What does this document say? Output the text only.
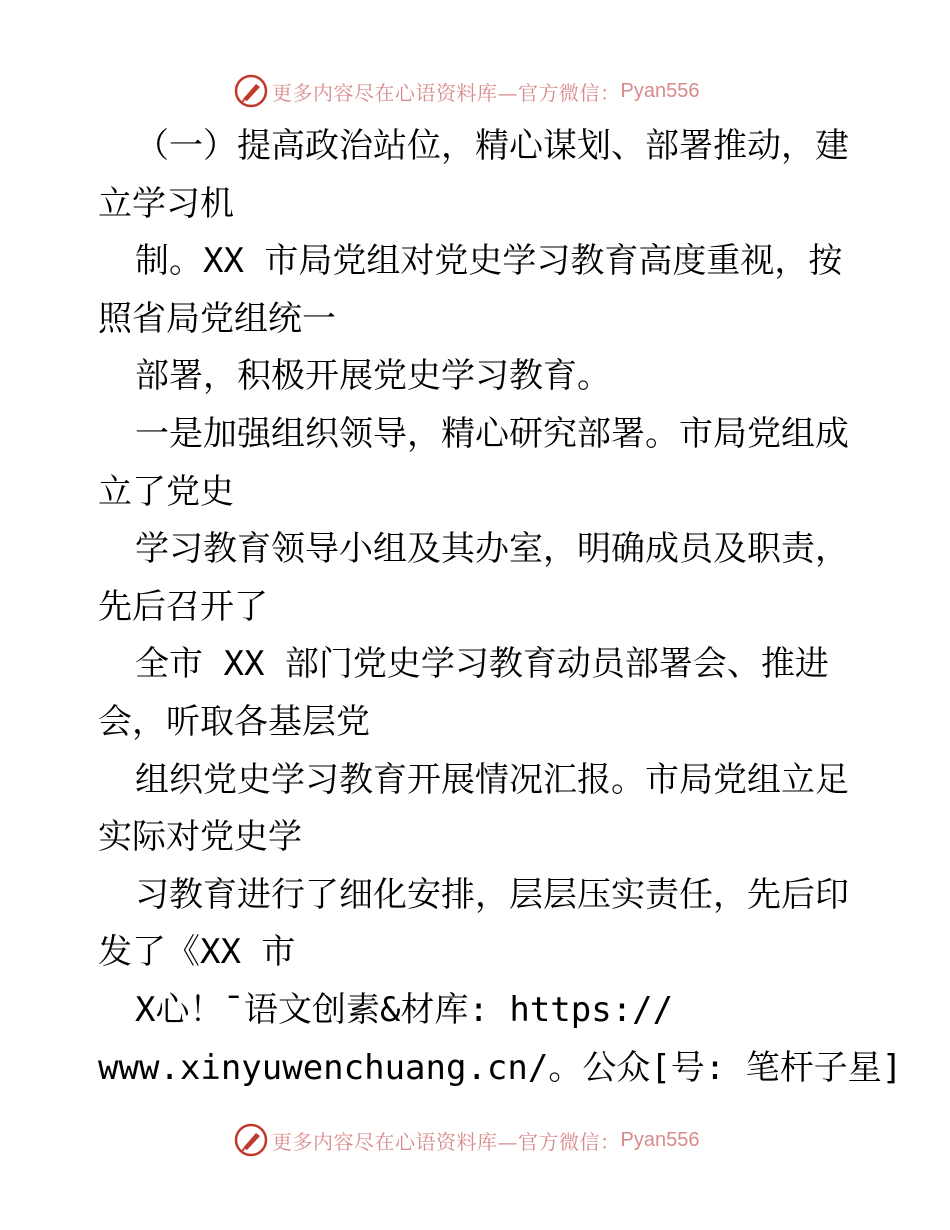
更多内容尽在心语资料库—官方微信： Pyan556

（一）提高政治站位，精心谋划、部署推动，建

立学习机

制。XX 市局党组对党史学习教育高度重视，按

照省局党组统一

部署，积极开展党史学习教育。

一是加强组织领导，精心研究部署。市局党组成

立了党史

学习教育领导小组及其办室，明确成员及职责，

先后召开了

全市 XX 部门党史学习教育动员部署会、推进

会，听取各基层党

组织党史学习教育开展情况汇报。市局党组立足

实际对党史学

习教育进行了细化安排，层层压实责任，先后印

发了《XX 市

X心！¯语文创素&材库: https://

www.xinyuwenchuang.cn/。公众[号: 笔杆子星]

更多内容尽在心语资料库—官方微信： Pyan556
